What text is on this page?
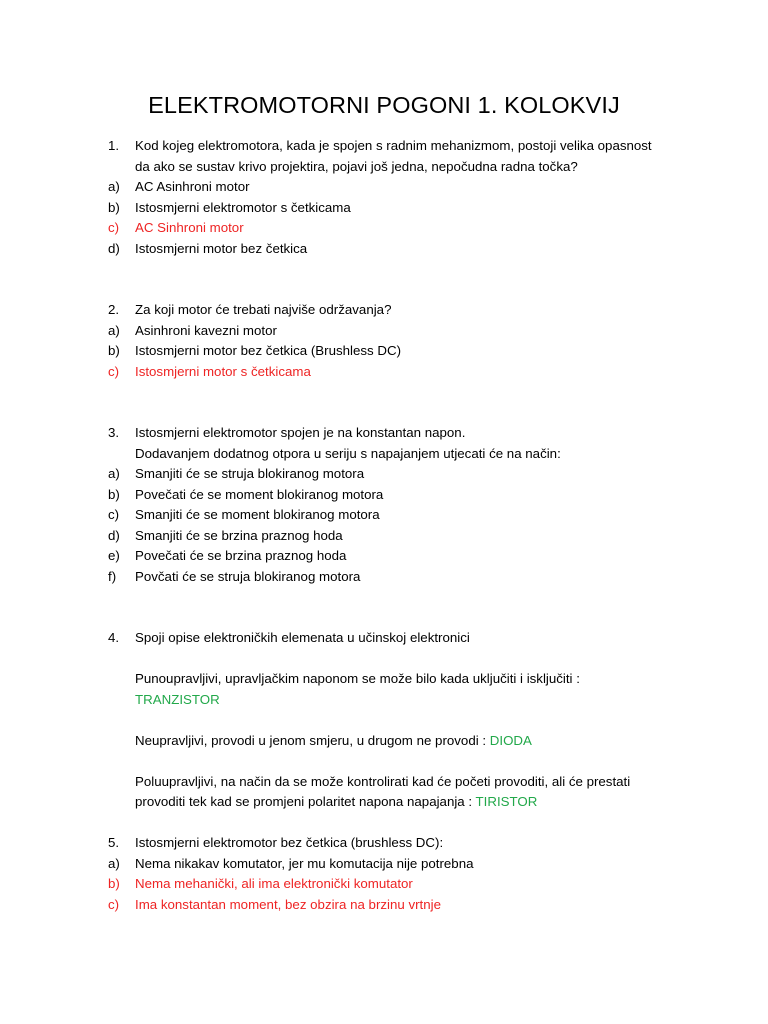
ELEKTROMOTORNI POGONI 1. KOLOKVIJ
1.	Kod kojeg elektromotora, kada je spojen s radnim mehanizmom, postoji velika opasnost
da ako se sustav krivo projektira, pojavi još jedna, nepočudna radna točka?
a)	AC Asinhroni motor
b)	Istosmjerni elektromotor s četkicama
c)	AC Sinhroni motor
d)	Istosmjerni motor bez četkica
2.	Za koji motor će trebati najviše održavanja?
a)	Asinhroni kavezni motor
b)	Istosmjerni motor bez četkica (Brushless DC)
c)	Istosmjerni motor s četkicama
3.	Istosmjerni elektromotor spojen je na konstantan napon.
Dodavanjem dodatnog otpora u seriju s napajanjem utjecati će na način:
a)	Smanjiti će se struja blokiranog motora
b)	Povečati će se moment blokiranog motora
c)	Smanjiti će se moment blokiranog motora
d)	Smanjiti će se brzina praznog hoda
e)	Povečati će se brzina praznog hoda
f)	Povčati će se struja blokiranog motora
4.	Spoji opise elektroničkih elemenata u učinskoj elektronici
Punoupravljivi, upravljačkim naponom se može bilo kada uključiti i isključiti :
TRANZISTOR
Neupravljivi, provodi u jenom smjeru, u drugom ne provodi : DIODA
Poluupravljivi, na način da se može kontrolirati kad će početi provoditi, ali će prestati
provoditi tek kad se promjeni polaritet napona napajanja : TIRISTOR
5.	Istosmjerni elektromotor bez četkica (brushless DC):
a)	Nema nikakav komutator, jer mu komutacija nije potrebna
b)	Nema mehanički, ali ima elektronički komutator
c)	Ima konstantan moment, bez obzira na brzinu vrtnje
